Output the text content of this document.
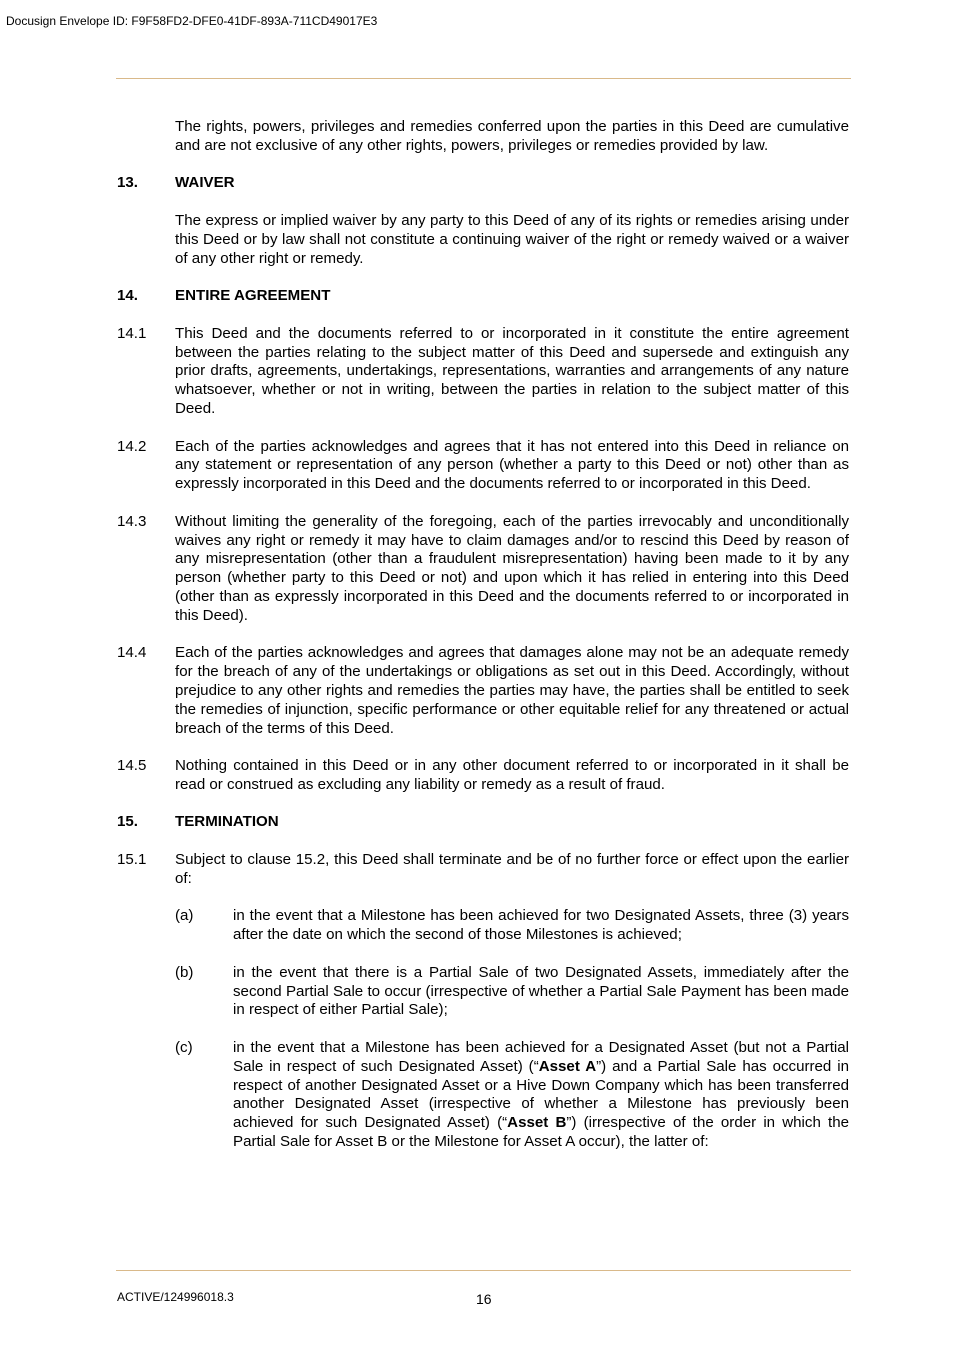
Docusign Envelope ID: F9F58FD2-DFE0-41DF-893A-711CD49017E3
The rights, powers, privileges and remedies conferred upon the parties in this Deed are cumulative and are not exclusive of any other rights, powers, privileges or remedies provided by law.
13.	WAIVER
The express or implied waiver by any party to this Deed of any of its rights or remedies arising under this Deed or by law shall not constitute a continuing waiver of the right or remedy waived or a waiver of any other right or remedy.
14.	ENTIRE AGREEMENT
14.1	This Deed and the documents referred to or incorporated in it constitute the entire agreement between the parties relating to the subject matter of this Deed and supersede and extinguish any prior drafts, agreements, undertakings, representations, warranties and arrangements of any nature whatsoever, whether or not in writing, between the parties in relation to the subject matter of this Deed.
14.2	Each of the parties acknowledges and agrees that it has not entered into this Deed in reliance on any statement or representation of any person (whether a party to this Deed or not) other than as expressly incorporated in this Deed and the documents referred to or incorporated in this Deed.
14.3	Without limiting the generality of the foregoing, each of the parties irrevocably and unconditionally waives any right or remedy it may have to claim damages and/or to rescind this Deed by reason of any misrepresentation (other than a fraudulent misrepresentation) having been made to it by any person (whether party to this Deed or not) and upon which it has relied in entering into this Deed (other than as expressly incorporated in this Deed and the documents referred to or incorporated in this Deed).
14.4	Each of the parties acknowledges and agrees that damages alone may not be an adequate remedy for the breach of any of the undertakings or obligations as set out in this Deed. Accordingly, without prejudice to any other rights and remedies the parties may have, the parties shall be entitled to seek the remedies of injunction, specific performance or other equitable relief for any threatened or actual breach of the terms of this Deed.
14.5	Nothing contained in this Deed or in any other document referred to or incorporated in it shall be read or construed as excluding any liability or remedy as a result of fraud.
15.	TERMINATION
15.1	Subject to clause 15.2, this Deed shall terminate and be of no further force or effect upon the earlier of:
(a)	in the event that a Milestone has been achieved for two Designated Assets, three (3) years after the date on which the second of those Milestones is achieved;
(b)	in the event that there is a Partial Sale of two Designated Assets, immediately after the second Partial Sale to occur (irrespective of whether a Partial Sale Payment has been made in respect of either Partial Sale);
(c)	in the event that a Milestone has been achieved for a Designated Asset (but not a Partial Sale in respect of such Designated Asset) (“Asset A”) and a Partial Sale has occurred in respect of another Designated Asset or a Hive Down Company which has been transferred another Designated Asset (irrespective of whether a Milestone has previously been achieved for such Designated Asset) (“Asset B”) (irrespective of the order in which the Partial Sale for Asset B or the Milestone for Asset A occur), the latter of:
ACTIVE/124996018.3	16
